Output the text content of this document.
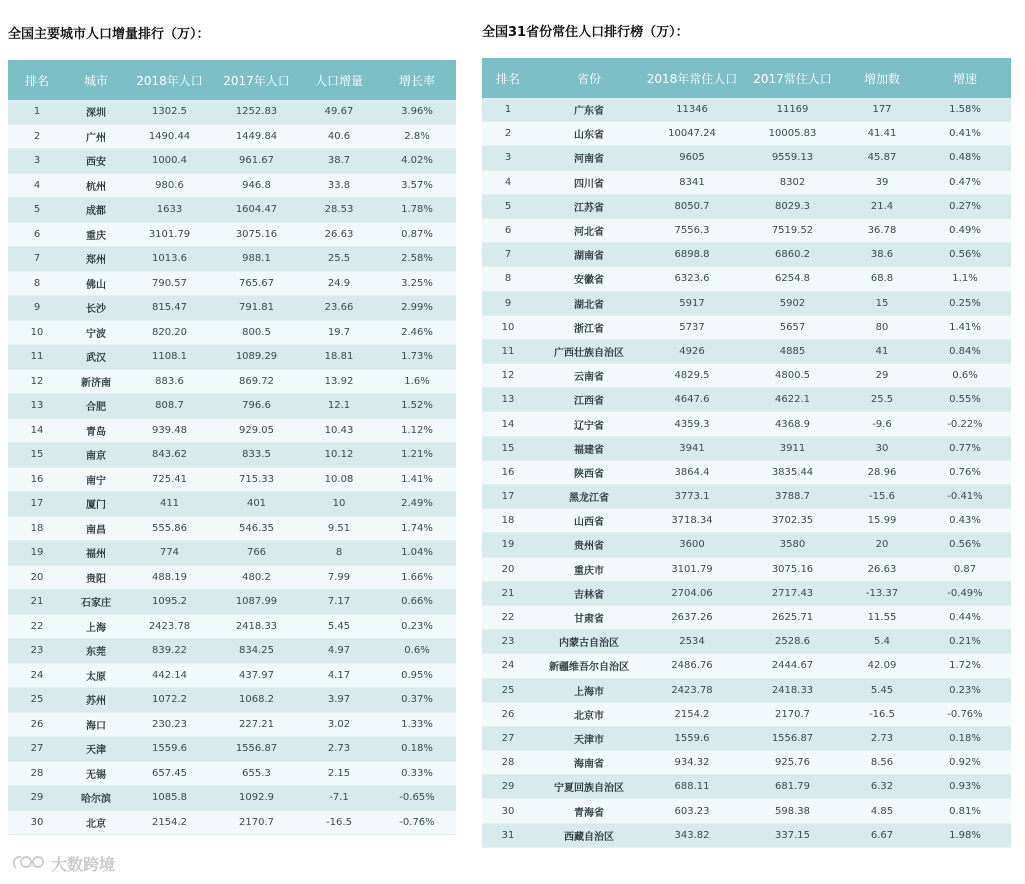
全国主要城市人口增量排行（万）：
排名	城市	2018年人口	2017年人口	人口增量	增长率
1	深圳	1302.5	1252.83	49.67	3.96%
2	广州	1490.44	1449.84	40.6	2.8%
3	西安	1000.4	961.67	38.7	4.02%
4	杭州	980.6	946.8	33.8	3.57%
5	成都	1633	1604.47	28.53	1.78%
6	重庆	3101.79	3075.16	26.63	0.87%
7	郑州	1013.6	988.1	25.5	2.58%
8	佛山	790.57	765.67	24.9	3.25%
9	长沙	815.47	791.81	23.66	2.99%
10	宁波	820.20	800.5	19.7	2.46%
11	武汉	1108.1	1089.29	18.81	1.73%
12	新济南	883.6	869.72	13.92	1.6%
13	合肥	808.7	796.6	12.1	1.52%
14	青岛	939.48	929.05	10.43	1.12%
15	南京	843.62	833.5	10.12	1.21%
16	南宁	725.41	715.33	10.08	1.41%
17	厦门	411	401	10	2.49%
18	南昌	555.86	546.35	9.51	1.74%
19	福州	774	766	8	1.04%
20	贵阳	488.19	480.2	7.99	1.66%
21	石家庄	1095.2	1087.99	7.17	0.66%
22	上海	2423.78	2418.33	5.45	0.23%
23	东莞	839.22	834.25	4.97	0.6%
24	太原	442.14	437.97	4.17	0.95%
25	苏州	1072.2	1068.2	3.97	0.37%
26	海口	230.23	227.21	3.02	1.33%
27	天津	1559.6	1556.87	2.73	0.18%
28	无锡	657.45	655.3	2.15	0.33%
29	哈尔滨	1085.8	1092.9	-7.1	-0.65%
30	北京	2154.2	2170.7	-16.5	-0.76%
全国31省份常住人口排行榜（万）：
排名	省份	2018年常住人口	2017常住人口	增加数	增速
1	广东省	11346	11169	177	1.58%
2	山东省	10047.24	10005.83	41.41	0.41%
3	河南省	9605	9559.13	45.87	0.48%
4	四川省	8341	8302	39	0.47%
5	江苏省	8050.7	8029.3	21.4	0.27%
6	河北省	7556.3	7519.52	36.78	0.49%
7	湖南省	6898.8	6860.2	38.6	0.56%
8	安徽省	6323.6	6254.8	68.8	1.1%
9	湖北省	5917	5902	15	0.25%
10	浙江省	5737	5657	80	1.41%
11	广西壮族自治区	4926	4885	41	0.84%
12	云南省	4829.5	4800.5	29	0.6%
13	江西省	4647.6	4622.1	25.5	0.55%
14	辽宁省	4359.3	4368.9	-9.6	-0.22%
15	福建省	3941	3911	30	0.77%
16	陕西省	3864.4	3835.44	28.96	0.76%
17	黑龙江省	3773.1	3788.7	-15.6	-0.41%
18	山西省	3718.34	3702.35	15.99	0.43%
19	贵州省	3600	3580	20	0.56%
20	重庆市	3101.79	3075.16	26.63	0.87
21	吉林省	2704.06	2717.43	-13.37	-0.49%
22	甘肃省	2637.26	2625.71	11.55	0.44%
23	内蒙古自治区	2534	2528.6	5.4	0.21%
24	新疆维吾尔自治区	2486.76	2444.67	42.09	1.72%
25	上海市	2423.78	2418.33	5.45	0.23%
26	北京市	2154.2	2170.7	-16.5	-0.76%
27	天津市	1559.6	1556.87	2.73	0.18%
28	海南省	934.32	925.76	8.56	0.92%
29	宁夏回族自治区	688.11	681.79	6.32	0.93%
30	青海省	603.23	598.38	4.85	0.81%
31	西藏自治区	343.82	337.15	6.67	1.98%
大数跨境
